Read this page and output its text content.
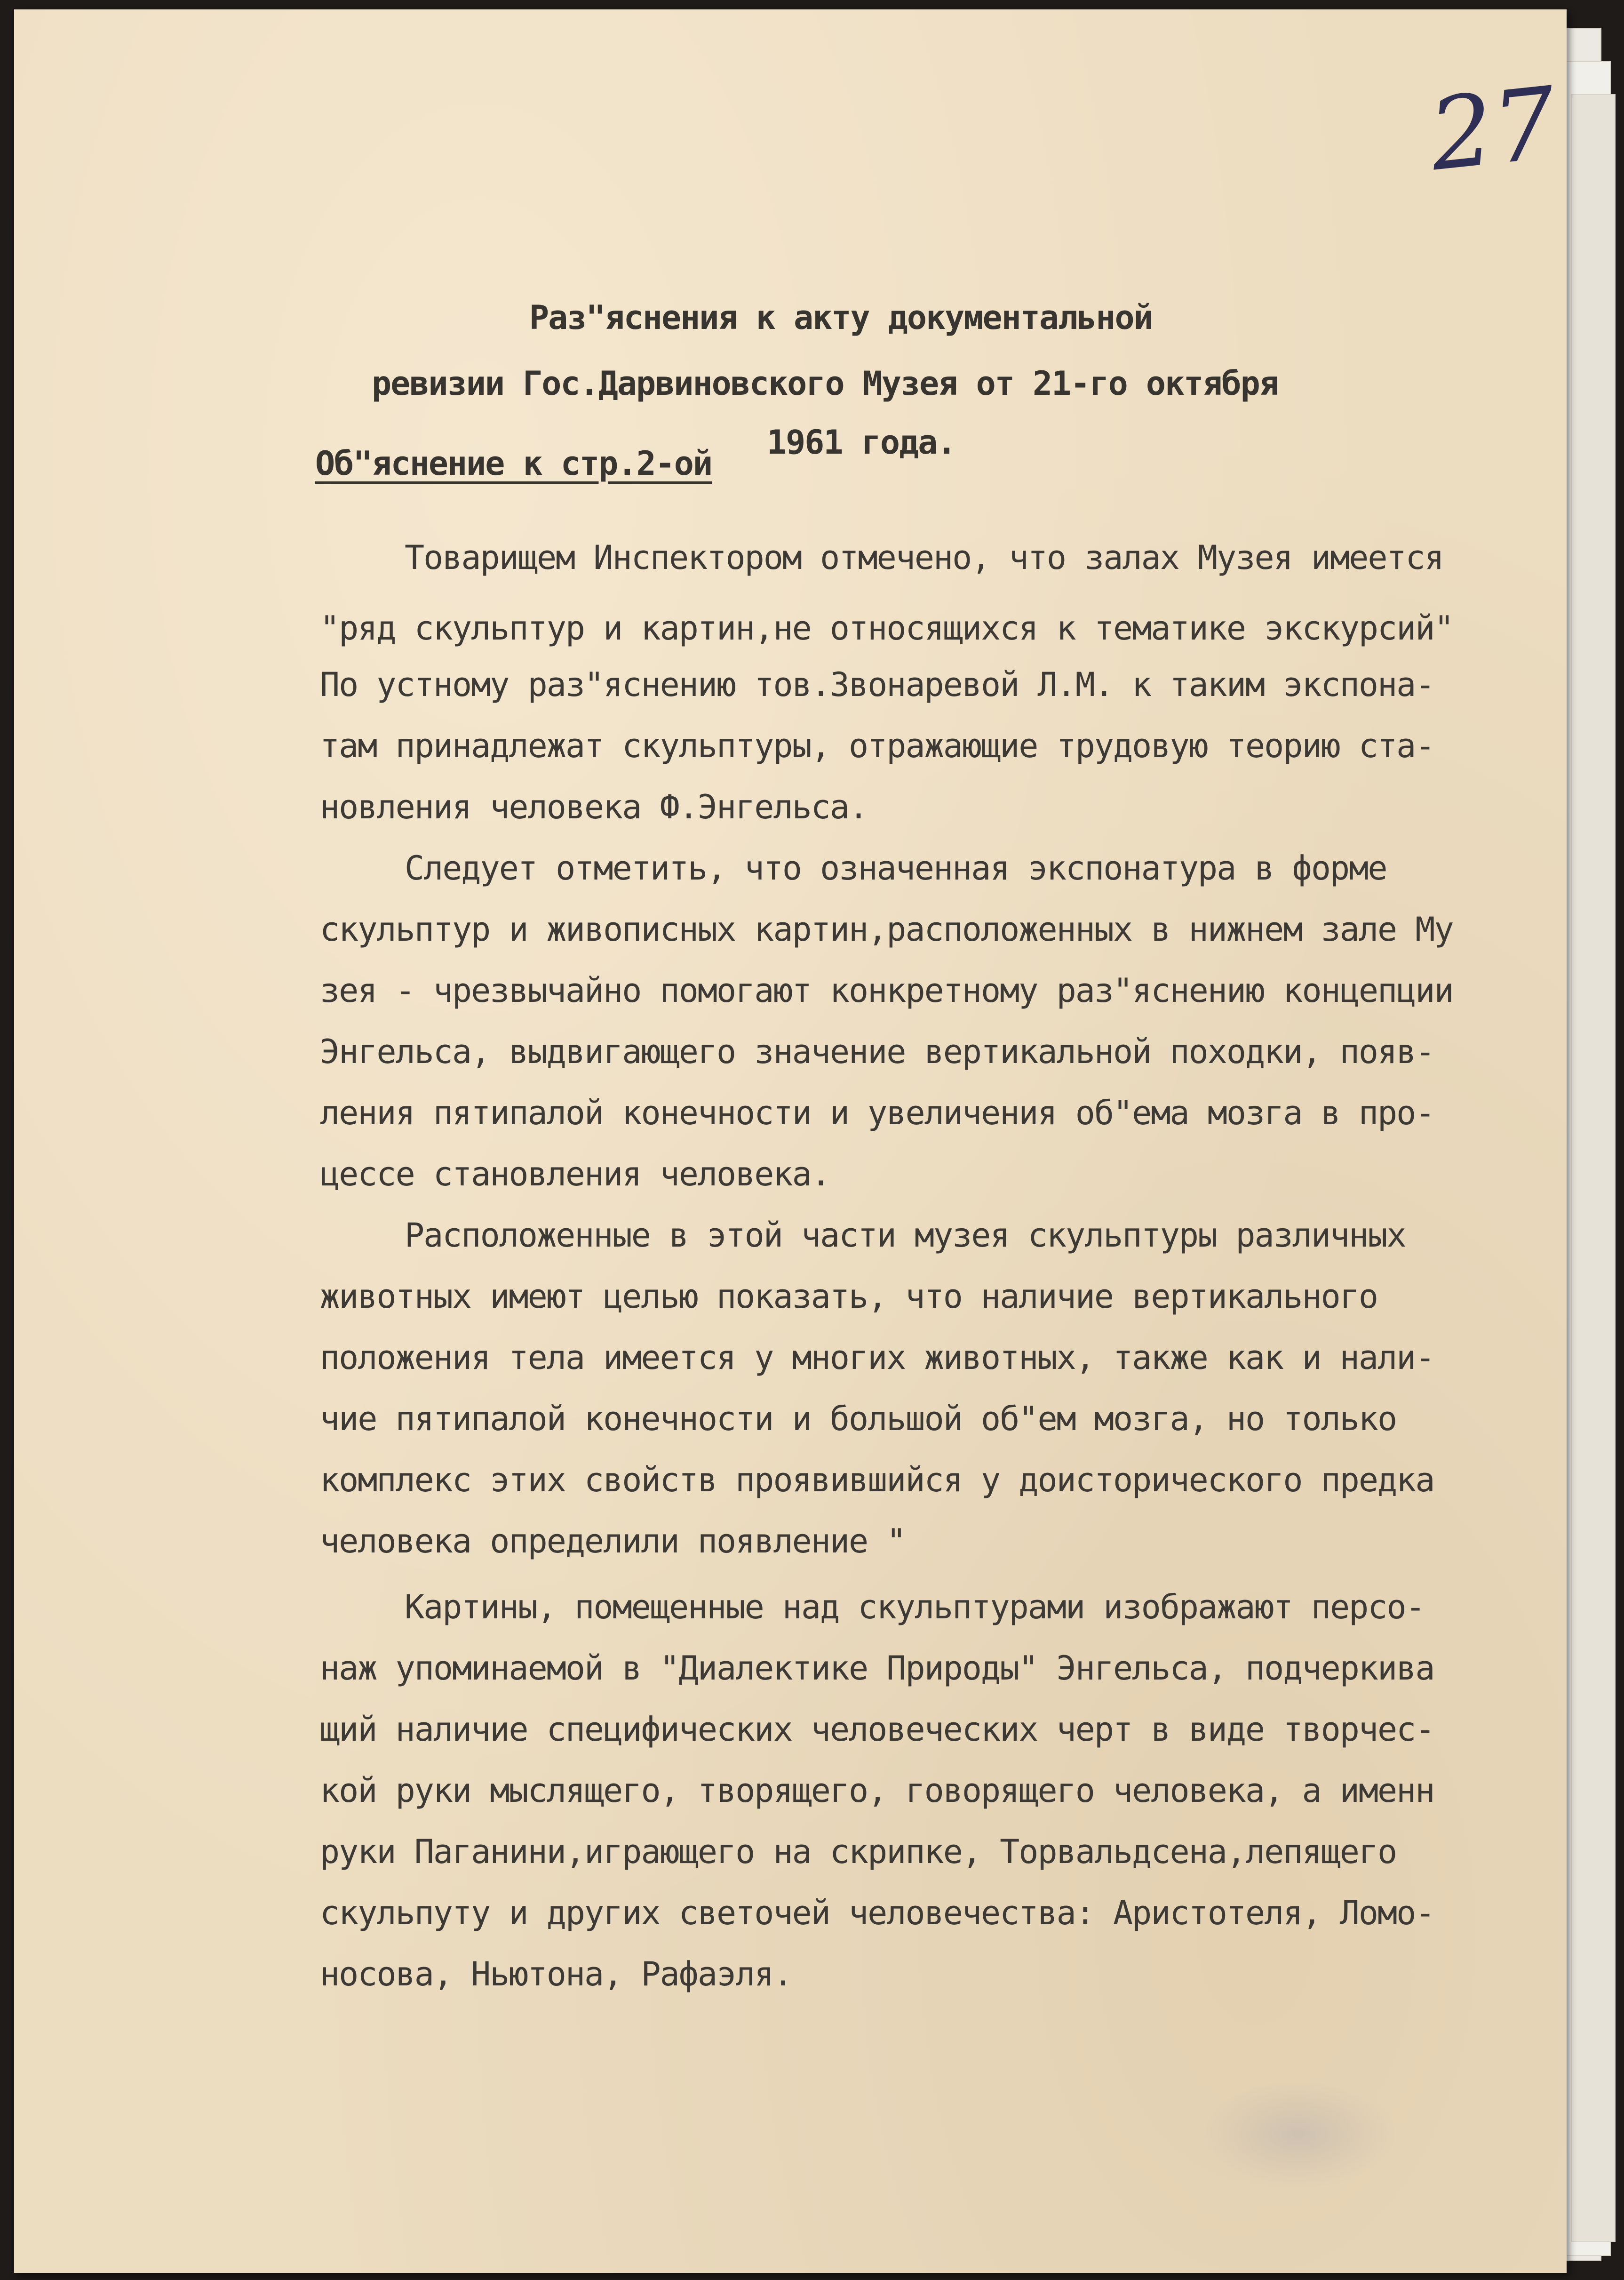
27
Раз"яснения к акту документальной
ревизии Гос.Дарвиновского Музея от 21-го октября
1961 года.
Об"яснение к стр.2-ой
Товарищем Инспектором отмечено, что залах Музея имеется
"ряд скульптур и картин,не относящихся к тематике экскурсий"
По устному раз"яснению тов.Звонаревой Л.М. к таким экспона-
там принадлежат скульптуры, отражающие трудовую теорию ста-
новления человека Ф.Энгельса.
Следует отметить, что означенная экспонатура в форме
скульптур и живописных картин,расположенных в нижнем зале Му
зея - чрезвычайно помогают конкретному раз"яснению концепции
Энгельса, выдвигающего значение вертикальной походки, появ-
ления пятипалой конечности и увеличения об"ема мозга в про-
цессе становления человека.
Расположенные в этой части музея скульптуры различных
животных имеют целью показать, что наличие вертикального
положения тела имеется у многих животных, также как и нали-
чие пятипалой конечности и большой об"ем мозга, но только
комплекс этих свойств проявившийся у доисторического предка
человека определили появление "
Картины, помещенные над скульптурами изображают персо-
наж упоминаемой в "Диалектике Природы" Энгельса, подчеркива
щий наличие специфических человеческих черт в виде творчес-
кой руки мыслящего, творящего, говорящего человека, а именн
руки Паганини,играющего на скрипке, Торвальдсена,лепящего
скульпуту и других светочей человечества: Аристотеля, Ломо-
носова, Ньютона, Рафаэля.
